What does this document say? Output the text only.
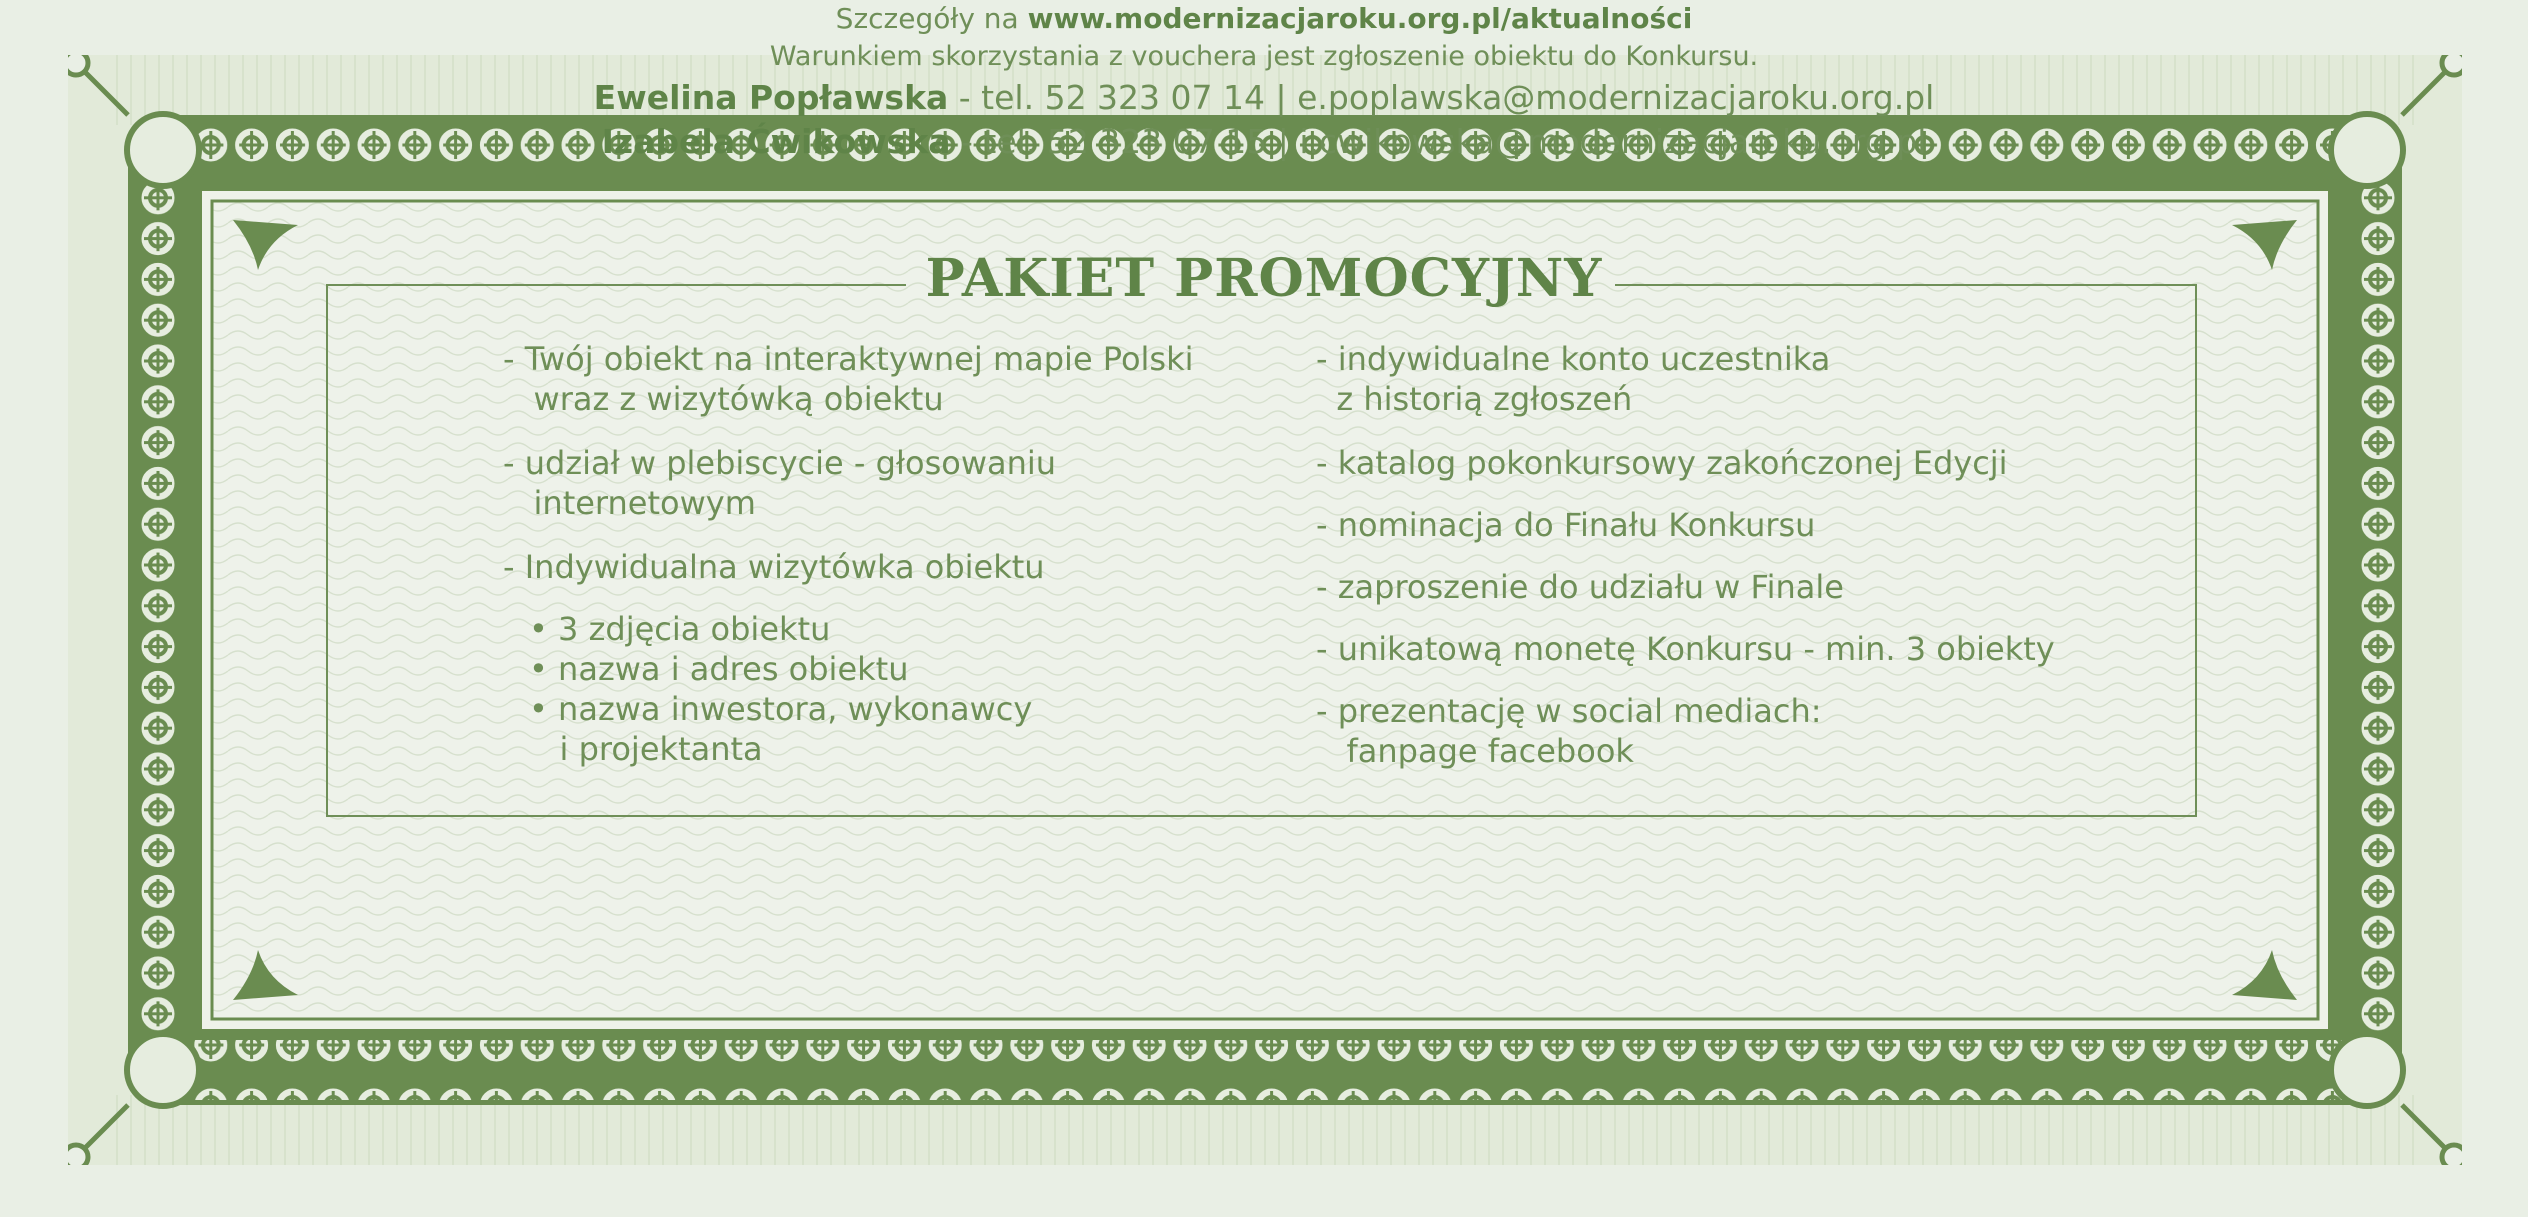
PAKIET PROMOCYJNY

- Twój obiekt na interaktywnej mapie Polski

wraz z wizytówką obiektu

- udział w plebiscycie - głosowaniu

internetowym

- Indywidualna wizytówka obiektu

• 3 zdjęcia obiektu

• nazwa i adres obiektu

• nazwa inwestora, wykonawcy

i projektanta

- indywidualne konto uczestnika

z historią zgłoszeń

- katalog pokonkursowy zakończonej Edycji

- nominacja do Finału Konkursu

- zaproszenie do udziału w Finale

- unikatową monetę Konkursu - min. 3 obiekty

- prezentację w social mediach:

fanpage facebook

Szczegóły na www.modernizacjaroku.org.pl/aktualności
Warunkiem skorzystania z vouchera jest zgłoszenie obiektu do Konkursu.
Ewelina Popławska - tel. 52 323 07 14 | e.poplawska@modernizacjaroku.org.pl
Izabela Ćwikowska - tel. 52 323 07 15 | i.cwikowska@modernizacjaroku.org.pl
